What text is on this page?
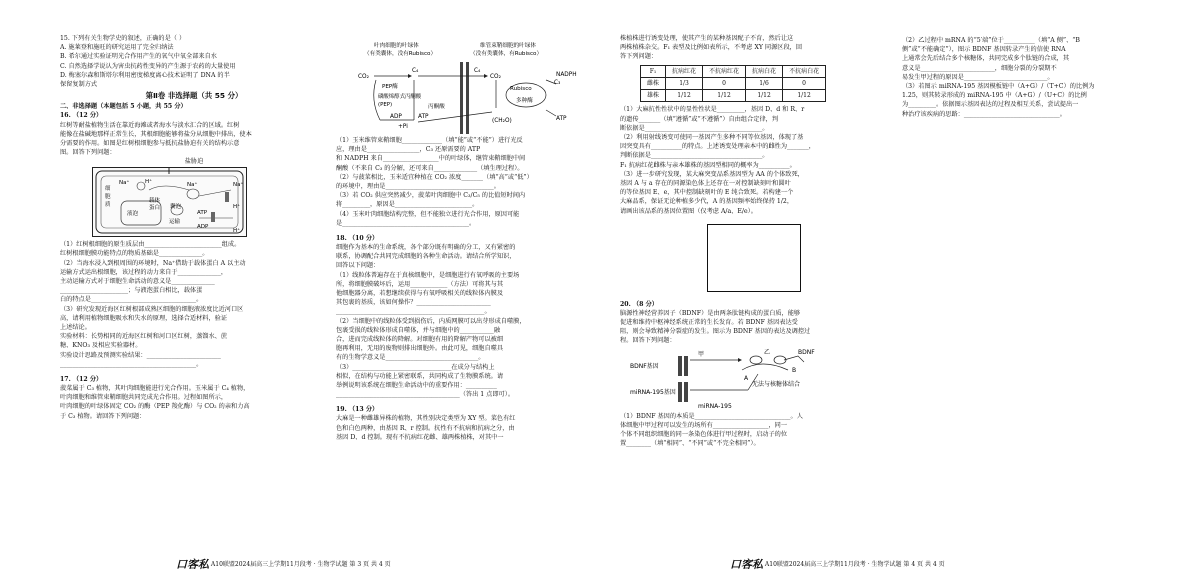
15. 下列有关生物学史的叙述，正确的是（ ）
A. 施莱登和施旺的研究运用了完全归纳法
B. 希尔通过实验证明光合作用产生的氧气中氧全部来自水
C. 自然选择学说认为害虫抗药性变异的产生源于农药的大量使用
D. 梅塞尔森和斯塔尔利用密度梯度离心技术证明了 DNA 的半
保留复制方式
第Ⅱ卷 非选择题（共 55 分）
二、非选择题（本题包括 5 小题，共 55 分）
16. （12 分）
红树等耐盐植物生活在靠近海滩或者海水与淡水汇合的区域。红树
能像在盐碱地那样正常生长，其根细胞能够将盐分从细胞中排出，使本
分需要的作用。如图是红树根细胞参与抵抗盐胁迫有关的结构示意
图。回答下列问题：
盐胁迫
细
胞
质
液泡
Na⁺	H⁺
载体
蛋白 囊泡
运输
ATP
ADP
Na⁺	Na⁺
H⁺
H⁺
（1）红树根细胞的原生质层由_________________________组成。
红树根细胞膜功能特点的物质基础是______________。
（2）当海水浸入到根周围的环境时，Na⁺借助于载体蛋白 A 以主动
运输方式运出根细胞，该过程的动力来自于______________，
主动运输方式对于细胞生命活动的意义是______________
______________________；与液泡蛋白相比，载体蛋
白的特点是__________________________________。
（3）研究发现近海区红树根部成熟区细胞的细胞液浓度比近河口区
高，请利用植物细胞吸水和失水的原理，选择合适材料，验证
上述结论。
实验材料：长势相同的近海区红树和河口区红树，蒸馏水、蔗
糖、KNO₃ 及相应实验器材。
实验设计思路及预测实验结果：________________________
____________________________________________。
17. （12 分）
菠菜属于 C₃ 植物，其叶肉细胞能进行光合作用。玉米属于 C₄ 植物，
叶肉细胞和维管束鞘细胞共同完成光合作用。过程如图所示，
叶肉细胞的叶绿体固定 CO₂ 的酶（PEP 羧化酶）与 CO₂ 的亲和力高
于 C₃ 植物。请回答下列问题：
叶肉细胞的叶绿体
（有类囊体，没有Rubisco）
维管束鞘细胞的叶绿体
（没有类囊体，有Rubisco）
CO₂
C₄	C₄
CO₂
PEP酶
磷酸烯醇式丙酮酸
(PEP)
ADP
+Pi
ATP
丙酮酸
Rubisco
C₃
多种酶
NADPH
(CH₂O)	ATP
（1）玉米维管束鞘细胞_____________（填“能”或“不能”）进行光反
应，理由是_________________，C₃ 还原需要的 ATP
和 NADPH 来自__________________中的叶绿体，继管束鞘细胞中间
酮酸（不来自 C₃ 的分解，还可来自______________（填生理过程）。
（2）与菠菜相比，玉米适宜种植在 CO₂ 浓度_______（填“高”或“低”）
的环境中，理由是___________________________________。
（3）若 CO₂ 供应突然减少，菠菜叶肉细胞中 C₃/C₅ 的比值短时间内
将_________，原因是_________________________。
（4）玉米叶肉细胞结构完整，但不能独立进行光合作用，原因可能
是_________________________________________。
18. （10 分）
细胞作为基本的生命系统，各个部分既有明确的分工，又有紧密的
联系，协调配合共同完成细胞的各种生命活动。请结合所学知识，
回答以下问题：
（1）线粒体普遍存在于真核细胞中，是细胞进行有氧呼吸的主要场
所，将细胞膜破坏后，运用____________（方法）可将其与其
他细胞器分离，若想继续获得与有氧呼吸相关的线粒体内膜及
其包裹的基质，该如何操作？________________________
________________________________________________。
（2）当细胞中的线粒体受到损伤后，内质网膜可以出芽形成自噬膜，
包裹受损的线粒体形成自噬体，并与细胞中的___________融
合，进而完成线粒体的降解。对细胞有用的降解产物可以被细
胞再利用，无用的废物则排出细胞外。由此可见，细胞自噬具
有的生物学意义是______________________________。
（3）________________________________在成分与结构上
相似，在结构与功能上紧密联系，共同构成了生物膜系统。请
举例说明该系统在细胞生命活动中的重要作用：__________
________________________________________（答出 1 点即可）。
19. （13 分）
大麻是一种雌雄异株的植物，其性别决定类型为 XY 型。菜色有红
色和白色两种，由基因 R、r 控制。抗性有不抗病和抗病之分，由
基因 D、d 控制。现有不抗病红花雌、雄两株植株，对其中一
株植株进行诱变处理，使其产生的某种基因配子不育，然后让这
两株植株杂交。F₁ 表型及比例如表所示，不考虑 XY 同源区段，回
答下列问题：
F₁	抗病红花	不抗病红花	抗病白花	不抗病白花
雌株	1/3	0	1/6	0
雄株	1/12	1/12	1/12	1/12
（1）大麻抗性性状中的显性性状是_________，基因 D、d 和 R、r
的遗传_______（填“遵循”或“不遵循”）自由组合定律，判
断依据是______________________________________。
（2）利用射线诱变可使同一基因产生多种不同等位基因，体现了基
因突变具有__________的特点。上述诱变处理亲本中的雌性为_______，
判断依据是____________________________________。
F₁ 抗病红花雌株与亲本雄株的基因型相同的概率为__________。
（3）进一步研究发现，某大麻突变品系基因型为 AA 的个体致死，
基因 A 与 a 存在的同源染色体上还存在一对控制缺刻叶和圆叶
的等位基因 E、e，其中控制缺刻叶的 E 纯合致死。若构建一个
大麻品系，保证无论种植多少代，A 的基因频率始终保持 1/2，
请画出该品系的基因位置图（仅考虑 A/a、E/e）。
20. （8 分）
脑源性神经营养因子（BDNF）是由两条肽链构成的蛋白质，能够
促进和维持中枢神经系统正常的生长发育。若 BDNF 基因表达受
阻，则会导致精神分裂症的发生。图示为 BDNF 基因的表达及调控过
程。回答下列问题：
甲	乙	BDNF
BDNF基因
A
B
miRNA-195基因
无法与核糖体结合
miRNA-195
（1）BDNF 基因的本质是_______________________________。人
体细胞中甲过程可以发生的场所有__________________，同一
个体不同组织细胞的同一条染色体进行甲过程时，启动子的位
置________（填“相同”、“不同”或“不完全相同”）。
（2）乙过程中 mRNA 的“5′端”位于__________（填“A 侧”、“B
侧”或“不能确定”），图示 BDNF 基因转录产生的信使 RNA
上通常会先后结合多个核糖体，共同完成多个肽链的合成，其
意义是________________________，细胞分裂的分裂期不
易发生甲过程的原因是___________________________。
（3）若图示 miRNA-195 基因模板链中（A+G）/（T+C）的比例为
1.25，则其转录形成的 miRNA-195 中（A+G）/（U+C）的比例
为_________。依据图示基因表达的过程及相互关系，尝试提出一
种治疗该疾病的思路：_______________________________。
口客私 A10联盟2024届高三上学期11月段考 · 生物学试题 第 3 页 共 4 页	口客私 A10联盟2024届高三上学期11月段考 · 生物学试题 第 4 页 共 4 页
